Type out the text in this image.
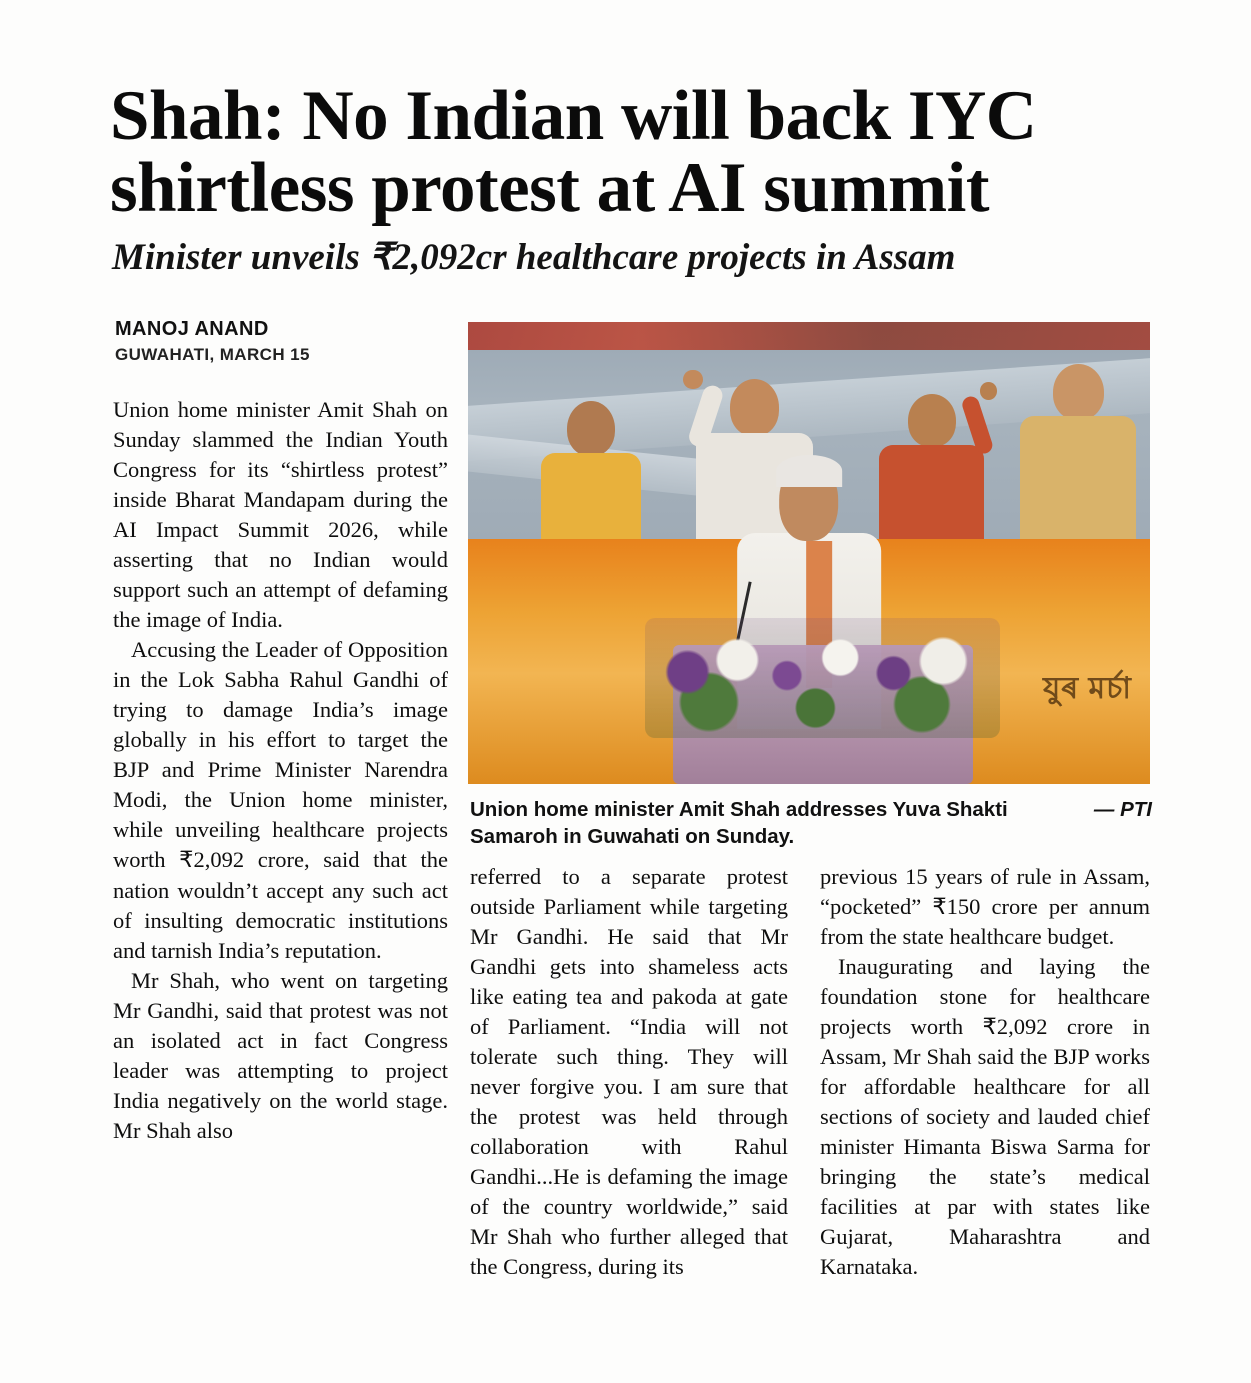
Shah: No Indian will back IYC shirtless protest at AI summit
Minister unveils ₹2,092cr healthcare projects in Assam
MANOJ ANAND
GUWAHATI, MARCH 15
যুৰ মর্চা
— PTI
Union home minister Amit Shah addresses Yuva Shakti Samaroh in Guwahati on Sunday.

Union home minister Amit Shah on Sunday slammed the Indian Youth Congress for its “shirtless protest” inside Bharat Mandapam during the AI Impact Summit 2026, while asserting that no Indian would support such an attempt of defaming the image of India.

Accusing the Leader of Opposition in the Lok Sabha Rahul Gandhi of trying to damage India’s image globally in his effort to target the BJP and Prime Minister Narendra Modi, the Union home minister, while unveiling healthcare projects worth ₹2,092 crore, said that the nation wouldn’t accept any such act of insulting democratic institutions and tarnish India’s reputation.

Mr Shah, who went on targeting Mr Gandhi, said that protest was not an isolated act in fact Congress leader was attempting to project India negatively on the world stage. Mr Shah also

referred to a separate protest outside Parliament while targeting Mr Gandhi. He said that Mr Gandhi gets into shameless acts like eating tea and pakoda at gate of Parliament. “India will not tolerate such thing. They will never forgive you. I am sure that the protest was held through collaboration with Rahul Gandhi...He is defaming the image of the country worldwide,” said Mr Shah who further alleged that the Congress, during its

previous 15 years of rule in Assam, “pocketed” ₹150 crore per annum from the state healthcare budget.

Inaugurating and laying the foundation stone for healthcare projects worth ₹2,092 crore in Assam, Mr Shah said the BJP works for affordable healthcare for all sections of society and lauded chief minister Himanta Biswa Sarma for bringing the state’s medical facilities at par with states like Gujarat, Maharashtra and Karnataka.
